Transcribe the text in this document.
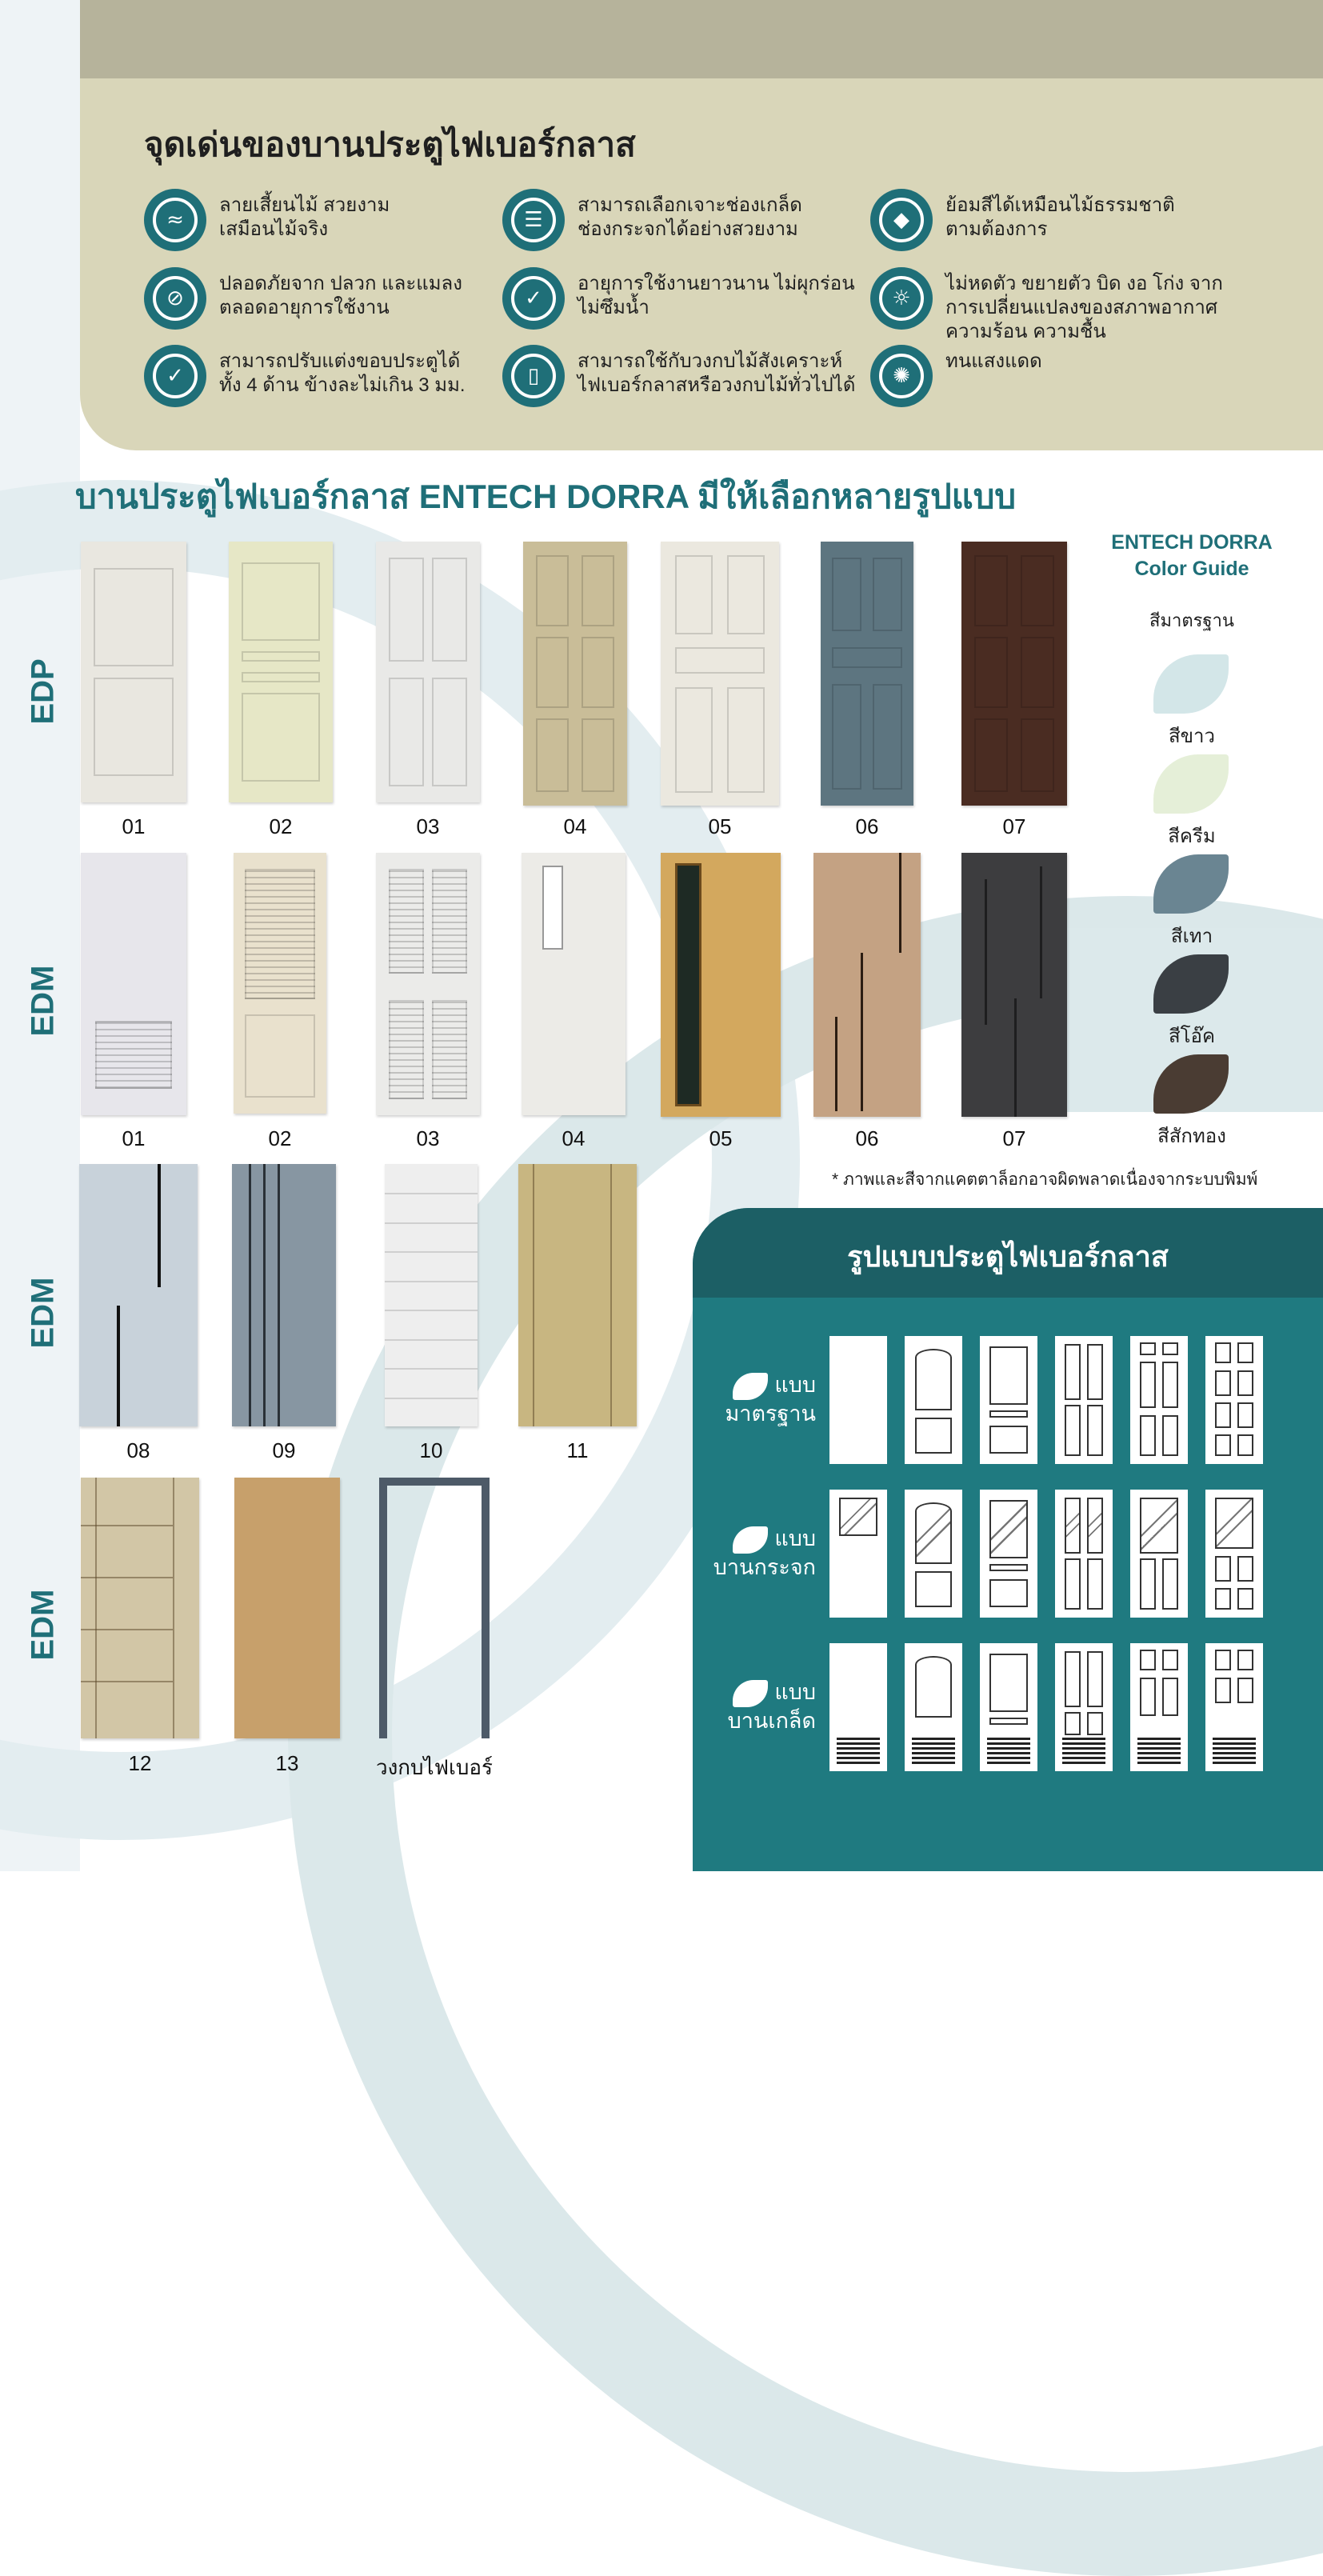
จุดเด่นของบานประตูไฟเบอร์กลาส
≈
ลายเสี้ยนไม้ สวยงาม
เสมือนไม้จริง	☰
สามารถเลือกเจาะช่องเกล็ด
ช่องกระจกได้อย่างสวยงาม	◆
ย้อมสีได้เหมือนไม้ธรรมชาติ
ตามต้องการ
⊘
ปลอดภัยจาก ปลวก และแมลง
ตลอดอายุการใช้งาน	✓
อายุการใช้งานยาวนาน ไม่ผุกร่อน
ไม่ซึมน้ำ	☼
ไม่หดตัว ขยายตัว บิด งอ โก่ง จาก
การเปลี่ยนแปลงของสภาพอากาศ
ความร้อน ความชื้น
✓
สามารถปรับแต่งขอบประตูได้
ทั้ง 4 ด้าน ข้างละไม่เกิน 3 มม.	▯
สามารถใช้กับวงกบไม้สังเคราะห์
ไฟเบอร์กลาสหรือวงกบไม้ทั่วไปได้	✺
ทนแสงแดด
บานประตูไฟเบอร์กลาส ENTECH DORRA มีให้เลือกหลายรูปแบบ
EDP
01	02	03	04	05	06	07
EDM
01	02	03	04	05	06	07
EDM
08	09	10	11
EDM
12	13	วงกบไฟเบอร์
ENTECH DORRA
Color Guide
สีมาตรฐาน
สีขาว
สีครีม
สีเทา
สีโอ๊ค
สีสักทอง
* ภาพและสีจากแคตตาล็อกอาจผิดพลาดเนื่องจากระบบพิมพ์
รูปแบบประตูไฟเบอร์กลาส
แบบ
มาตรฐาน
แบบ
บานกระจก
แบบ
บานเกล็ด
